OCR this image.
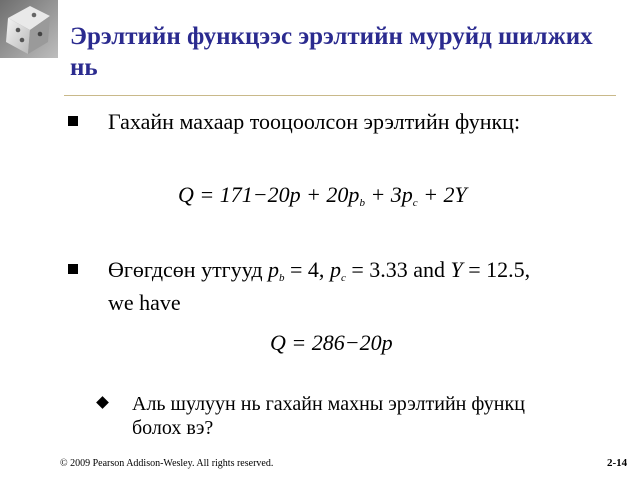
Эрэлтийн функцээс эрэлтийн муруйд шилжих
нь
Гахайн махаар тооцоолсон эрэлтийн функц:
$Q = 171-20p + 20p_b + 3p_c + 2Y$
Өгөгдсөн утгууд $p_b = 4$, $p_c = 3.33$ and Y = 12.5,
we have
Q = 286−20p
Аль шулуун нь гахайн махны эрэлтийн функц
болох вэ?
© 2009 Pearson Addison-Wesley. All rights reserved.	2-14
